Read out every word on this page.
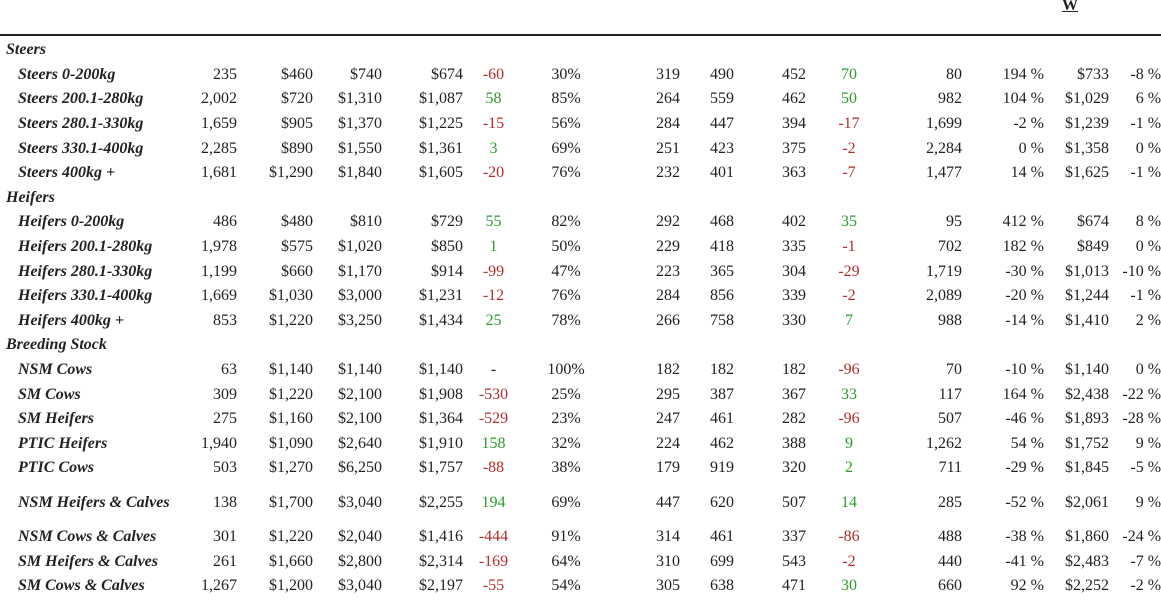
W
Steers														
Steers 0-200kg	235	$460	$740	$674	-60	30%	319	490	452	70	80	194 %	$733	-8 %
Steers 200.1-280kg	2,002	$720	$1,310	$1,087	58	85%	264	559	462	50	982	104 %	$1,029	6 %
Steers 280.1-330kg	1,659	$905	$1,370	$1,225	-15	56%	284	447	394	-17	1,699	-2 %	$1,239	-1 %
Steers 330.1-400kg	2,285	$890	$1,550	$1,361	3	69%	251	423	375	-2	2,284	0 %	$1,358	0 %
Steers 400kg +	1,681	$1,290	$1,840	$1,605	-20	76%	232	401	363	-7	1,477	14 %	$1,625	-1 %
Heifers														
Heifers 0-200kg	486	$480	$810	$729	55	82%	292	468	402	35	95	412 %	$674	8 %
Heifers 200.1-280kg	1,978	$575	$1,020	$850	1	50%	229	418	335	-1	702	182 %	$849	0 %
Heifers 280.1-330kg	1,199	$660	$1,170	$914	-99	47%	223	365	304	-29	1,719	-30 %	$1,013	-10 %
Heifers 330.1-400kg	1,669	$1,030	$3,000	$1,231	-12	76%	284	856	339	-2	2,089	-20 %	$1,244	-1 %
Heifers 400kg +	853	$1,220	$3,250	$1,434	25	78%	266	758	330	7	988	-14 %	$1,410	2 %
Breeding Stock														
NSM Cows	63	$1,140	$1,140	$1,140	-	100%	182	182	182	-96	70	-10 %	$1,140	0 %
SM Cows	309	$1,220	$2,100	$1,908	-530	25%	295	387	367	33	117	164 %	$2,438	-22 %
SM Heifers	275	$1,160	$2,100	$1,364	-529	23%	247	461	282	-96	507	-46 %	$1,893	-28 %
PTIC Heifers	1,940	$1,090	$2,640	$1,910	158	32%	224	462	388	9	1,262	54 %	$1,752	9 %
PTIC Cows	503	$1,270	$6,250	$1,757	-88	38%	179	919	320	2	711	-29 %	$1,845	-5 %
NSM Heifers & Calves	138	$1,700	$3,040	$2,255	194	69%	447	620	507	14	285	-52 %	$2,061	9 %
NSM Cows & Calves	301	$1,220	$2,040	$1,416	-444	91%	314	461	337	-86	488	-38 %	$1,860	-24 %
SM Heifers & Calves	261	$1,660	$2,800	$2,314	-169	64%	310	699	543	-2	440	-41 %	$2,483	-7 %
SM Cows & Calves	1,267	$1,200	$3,040	$2,197	-55	54%	305	638	471	30	660	92 %	$2,252	-2 %
